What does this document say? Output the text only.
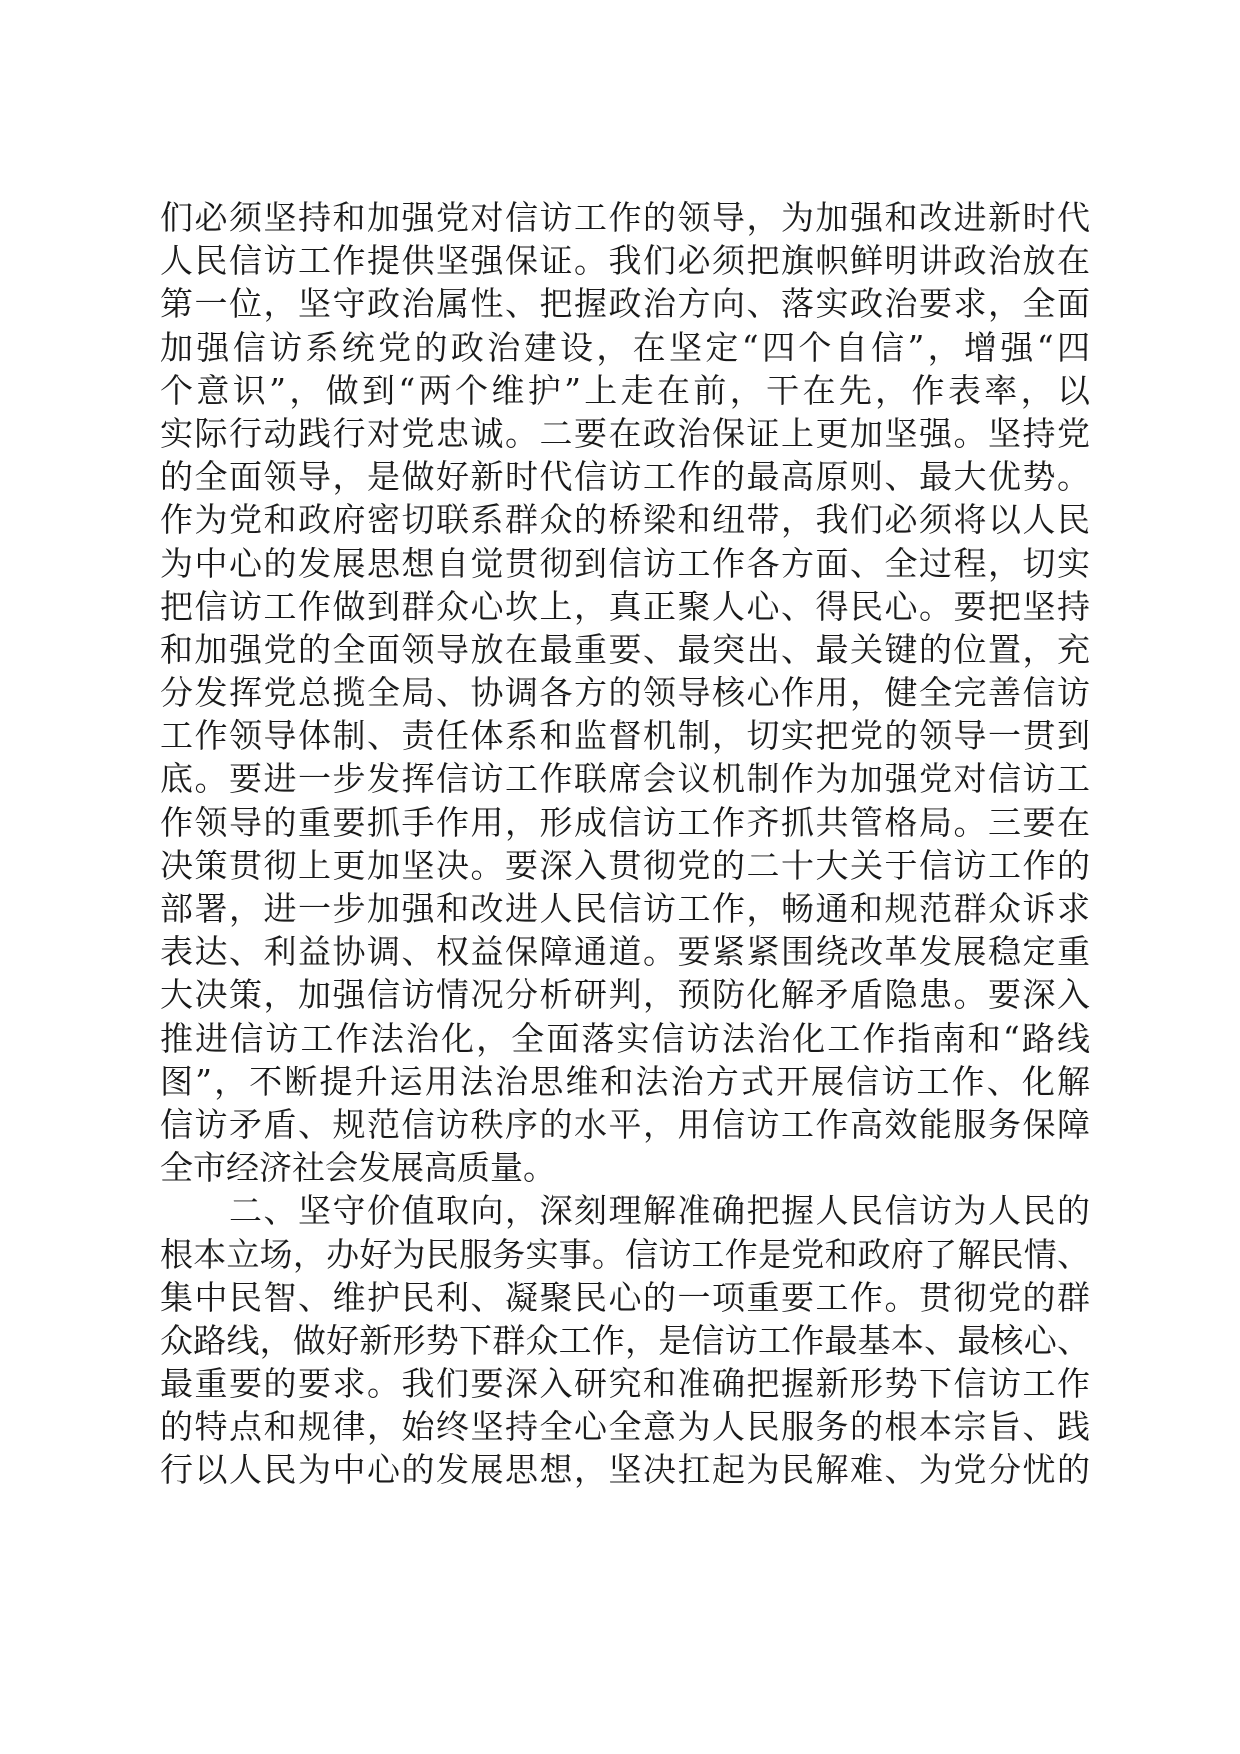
们必须坚持和加强党对信访工作的领导，为加强和改进新时代
人民信访工作提供坚强保证。我们必须把旗帜鲜明讲政治放在
第一位，坚守政治属性、把握政治方向、落实政治要求，全面
加强信访系统党的政治建设，在坚定“四个自信”，增强“四
个意识”，做到“两个维护”上走在前，干在先，作表率，以
实际行动践行对党忠诚。二要在政治保证上更加坚强。坚持党
的全面领导，是做好新时代信访工作的最高原则、最大优势。
作为党和政府密切联系群众的桥梁和纽带，我们必须将以人民
为中心的发展思想自觉贯彻到信访工作各方面、全过程，切实
把信访工作做到群众心坎上，真正聚人心、得民心。要把坚持
和加强党的全面领导放在最重要、最突出、最关键的位置，充
分发挥党总揽全局、协调各方的领导核心作用，健全完善信访
工作领导体制、责任体系和监督机制，切实把党的领导一贯到
底。要进一步发挥信访工作联席会议机制作为加强党对信访工
作领导的重要抓手作用，形成信访工作齐抓共管格局。三要在
决策贯彻上更加坚决。要深入贯彻党的二十大关于信访工作的
部署，进一步加强和改进人民信访工作，畅通和规范群众诉求
表达、利益协调、权益保障通道。要紧紧围绕改革发展稳定重
大决策，加强信访情况分析研判，预防化解矛盾隐患。要深入
推进信访工作法治化，全面落实信访法治化工作指南和“路线
图”，不断提升运用法治思维和法治方式开展信访工作、化解
信访矛盾、规范信访秩序的水平，用信访工作高效能服务保障
全市经济社会发展高质量。
　　二、坚守价值取向，深刻理解准确把握人民信访为人民的
根本立场，办好为民服务实事。信访工作是党和政府了解民情、
集中民智、维护民利、凝聚民心的一项重要工作。贯彻党的群
众路线，做好新形势下群众工作，是信访工作最基本、最核心、
最重要的要求。我们要深入研究和准确把握新形势下信访工作
的特点和规律，始终坚持全心全意为人民服务的根本宗旨、践
行以人民为中心的发展思想，坚决扛起为民解难、为党分忧的
